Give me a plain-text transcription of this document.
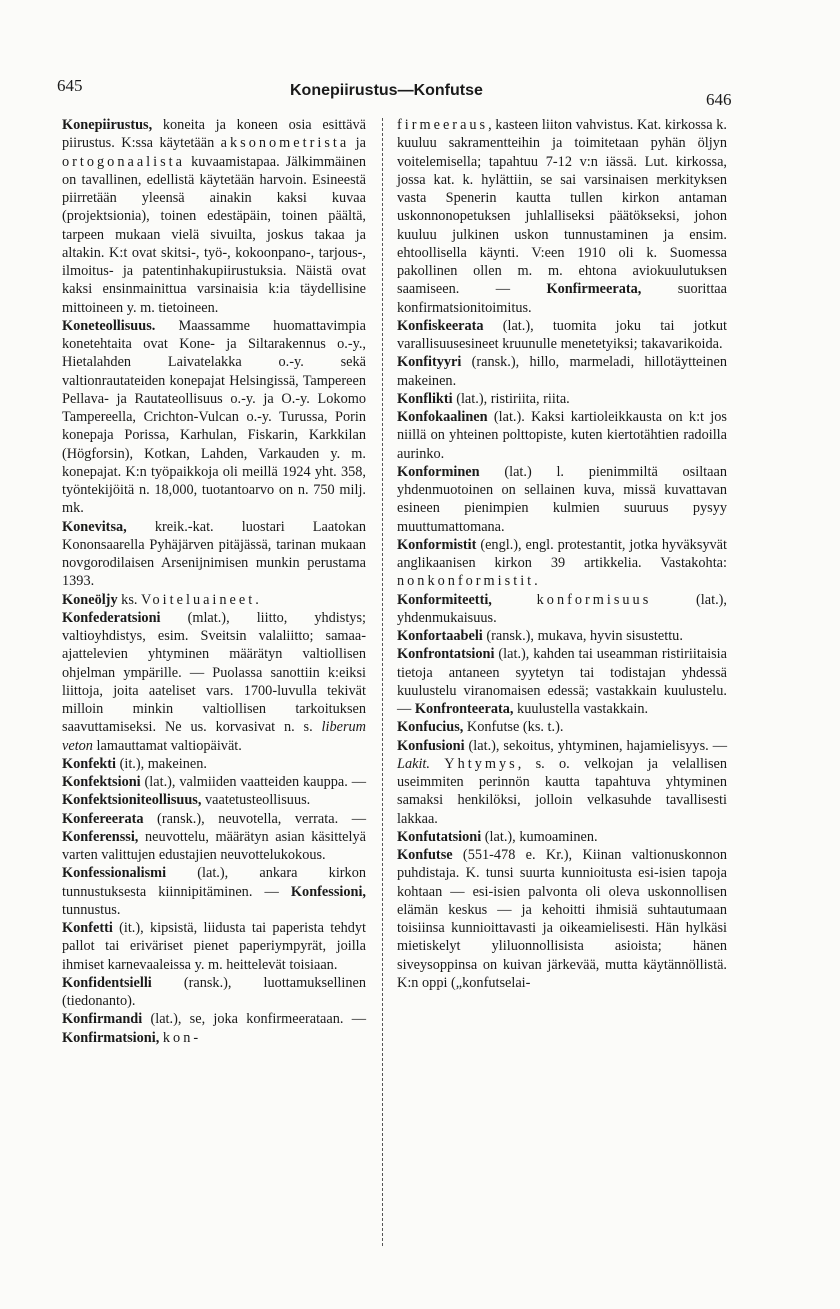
645	Konepiirustus—Konfutse	646

Konepiirustus, koneita ja koneen osia esittävä piirustus. K:ssa käytetään aksonometrista ja ortogonaalista kuvaamistapaa. Jälkimmäinen on tavallinen, edellistä käytetään harvoin. Esineestä piirretään yleensä ainakin kaksi kuvaa (projektsionia), toinen edestäpäin, toinen päältä, tarpeen mukaan vielä sivuilta, joskus takaa ja altakin. K:t ovat skitsi-, työ-, kokoonpano-, tarjous-, ilmoitus- ja patentinhakupiirustuksia. Näistä ovat kaksi ensinmainittua varsinaisia k:ia täydellisine mittoineen y. m. tietoineen.

Koneteollisuus. Maassamme huomattavimpia konetehtaita ovat Kone- ja Siltarakennus o.-y., Hietalahden Laivatelakka o.-y. sekä valtionrautateiden konepajat Helsingissä, Tampereen Pellava- ja Rautateollisuus o.-y. ja O.-y. Lokomo Tampereella, Crichton-Vulcan o.-y. Turussa, Porin konepaja Porissa, Karhulan, Fiskarin, Karkkilan (Högforsin), Kotkan, Lahden, Varkauden y. m. konepajat. K:n työpaikkoja oli meillä 1924 yht. 358, työntekijöitä n. 18,000, tuotantoarvo on n. 750 milj. mk.

Konevitsa, kreik.-kat. luostari Laatokan Kononsaarella Pyhäjärven pitäjässä, tarinan mukaan novgorodilaisen Arsenijnimisen munkin perustama 1393.

Koneöljy ks. Voiteluaineet.

Konfederatsioni (mlat.), liitto, yhdistys; valtioyhdistys, esim. Sveitsin valaliitto; samaa-ajattelevien yhtyminen määrätyn valtiollisen ohjelman ympärille. — Puolassa sanottiin k:eiksi liittoja, joita aateliset vars. 1700-luvulla tekivät milloin minkin valtiollisen tarkoituksen saavuttamiseksi. Ne us. korvasivat n. s. liberum veton lamauttamat valtiopäivät.

Konfekti (it.), makeinen.

Konfektsioni (lat.), valmiiden vaatteiden kauppa. — Konfektsioniteollisuus, vaatetusteollisuus.

Konfereerata (ransk.), neuvotella, verrata. — Konferenssi, neuvottelu, määrätyn asian käsittelyä varten valittujen edustajien neuvottelukokous.

Konfessionalismi (lat.), ankara kirkon tunnustuksesta kiinnipitäminen. — Konfessioni, tunnustus.

Konfetti (it.), kipsistä, liidusta tai paperista tehdyt pallot tai eriväriset pienet paperiympyrät, joilla ihmiset karnevaaleissa y. m. heittelevät toisiaan.

Konfidentsielli (ransk.), luottamuksellinen (tiedonanto).

Konfirmandi (lat.), se, joka konfirmeerataan. — Konfirmatsioni, kon-

firmeeraus, kasteen liiton vahvistus. Kat. kirkossa k. kuuluu sakramentteihin ja toimitetaan pyhän öljyn voitelemisella; tapahtuu 7-12 v:n iässä. Lut. kirkossa, jossa kat. k. hylättiin, se sai varsinaisen merkityksen vasta Spenerin kautta tullen kirkon antaman uskonnonopetuksen juhlalliseksi päätökseksi, johon kuuluu julkinen uskon tunnustaminen ja ensim. ehtoollisella käynti. V:een 1910 oli k. Suomessa pakollinen ollen m. m. ehtona aviokuulutuksen saamiseen. — Konfirmeerata, suorittaa konfirmatsionitoimitus.

Konfiskeerata (lat.), tuomita joku tai jotkut varallisuusesineet kruunulle menetetyiksi; takavarikoida.

Konfityyri (ransk.), hillo, marmeladi, hillotäytteinen makeinen.

Konflikti (lat.), ristiriita, riita.

Konfokaalinen (lat.). Kaksi kartioleikkausta on k:t jos niillä on yhteinen polttopiste, kuten kiertotähtien radoilla aurinko.

Konforminen (lat.) l. pienimmiltä osiltaan yhdenmuotoinen on sellainen kuva, missä kuvattavan esineen pienimpien kulmien suuruus pysyy muuttumattomana.

Konformistit (engl.), engl. protestantit, jotka hyväksyvät anglikaanisen kirkon 39 artikkelia. Vastakohta: nonkonformistit.

Konformiteetti,	konformisuus (lat.), yhdenmukaisuus.

Konfortaabeli (ransk.), mukava, hyvin sisustettu.

Konfrontatsioni (lat.), kahden tai useamman ristiriitaisia tietoja antaneen syytetyn tai todistajan yhdessä kuulustelu viranomaisen edessä; vastakkain kuulustelu. — Konfronteerata, kuulustella vastakkain.

Konfucius, Konfutse (ks. t.).

Konfusioni (lat.), sekoitus, yhtyminen, hajamielisyys. — Lakit. Yhtymys, s. o. velkojan ja velallisen useimmiten perinnön kautta tapahtuva yhtyminen samaksi henkilöksi, jolloin velkasuhde tavallisesti lakkaa.

Konfutatsioni (lat.), kumoaminen.

Konfutse (551-478 e. Kr.), Kiinan valtionuskonnon puhdistaja. K. tunsi suurta kunnioitusta esi-isien tapoja kohtaan — esi-isien palvonta oli oleva uskonnollisen elämän keskus — ja kehoitti ihmisiä suhtautumaan toisiinsa kunnioittavasti ja oikeamielisesti. Hän hylkäsi mietiskelyt yliluonnollisista asioista; hänen siveysoppinsa on kuivan järkevää, mutta käytännöllistä. K:n oppi („konfutselai-
